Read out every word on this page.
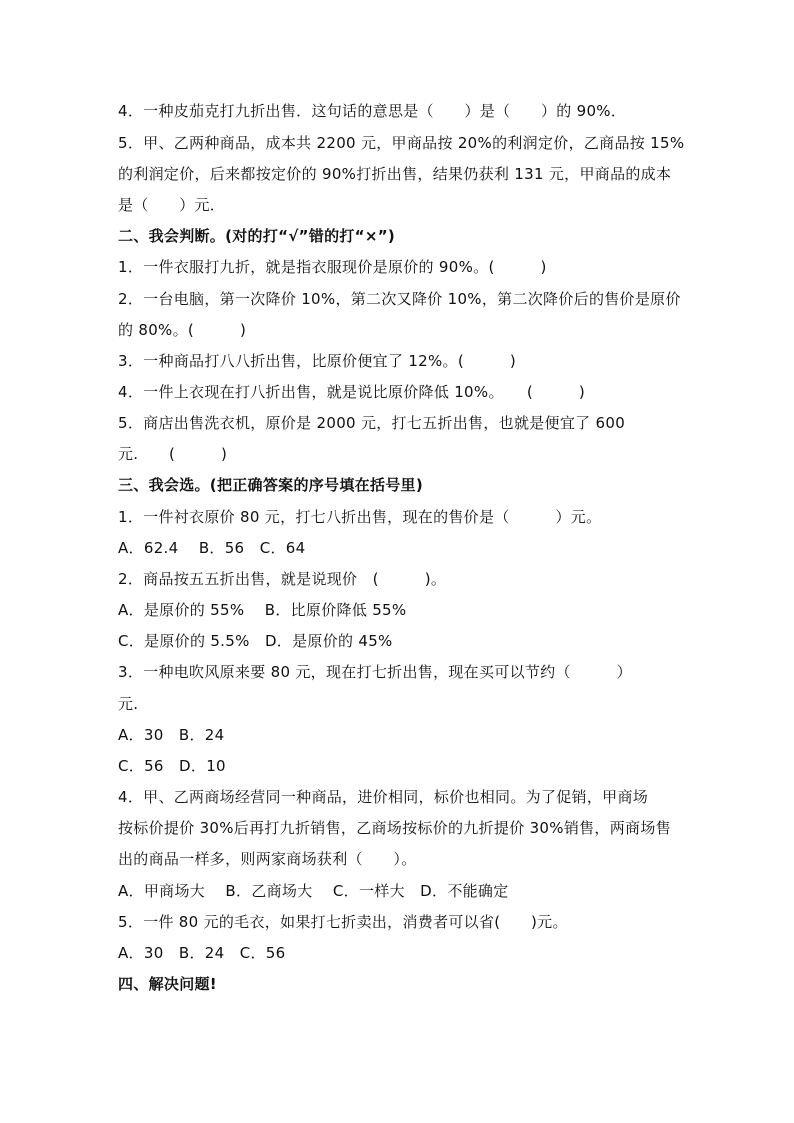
4．一种皮茄克打九折出售．这句话的意思是（　　）是（　　）的 90%．
5．甲、乙两种商品，成本共 2200 元，甲商品按 20%的利润定价，乙商品按 15%
的利润定价，后来都按定价的 90%打折出售，结果仍获利 131 元，甲商品的成本
是（　　）元．
二、我会判断。(对的打“√”错的打“×”)
1．一件衣服打九折，就是指衣服现价是原价的 90%。(　　　)
2．一台电脑，第一次降价 10%，第二次又降价 10%，第二次降价后的售价是原价
的 80%。(　　　)
3．一种商品打八八折出售，比原价便宜了 12%。(　　　)
4．一件上衣现在打八折出售，就是说比原价降低 10%。　　(　　　)
5．商店出售洗衣机，原价是 2000 元，打七五折出售，也就是便宜了 600
元.　　(　　　)
三、我会选。(把正确答案的序号填在括号里)
1．一件衬衣原价 80 元，打七八折出售，现在的售价是（　　　）元。
A．62.4　 B．56　C．64
2．商品按五五折出售，就是说现价　(　　　)。
A．是原价的 55%　 B．比原价降低 55%
C．是原价的 5.5%　D．是原价的 45%
3．一种电吹风原来要 80 元，现在打七折出售，现在买可以节约（　　　）
元.
A．30　B．24
C．56　D．10
4．甲、乙两商场经营同一种商品，进价相同，标价也相同。为了促销，甲商场
按标价提价 30%后再打九折销售，乙商场按标价的九折提价 30%销售，两商场售
出的商品一样多，则两家商场获利（　　）。
A．甲商场大　 B．乙商场大　 C．一样大　D．不能确定
5．一件 80 元的毛衣，如果打七折卖出，消费者可以省(　　)元。
A．30　B．24　C．56
四、解决问题!
